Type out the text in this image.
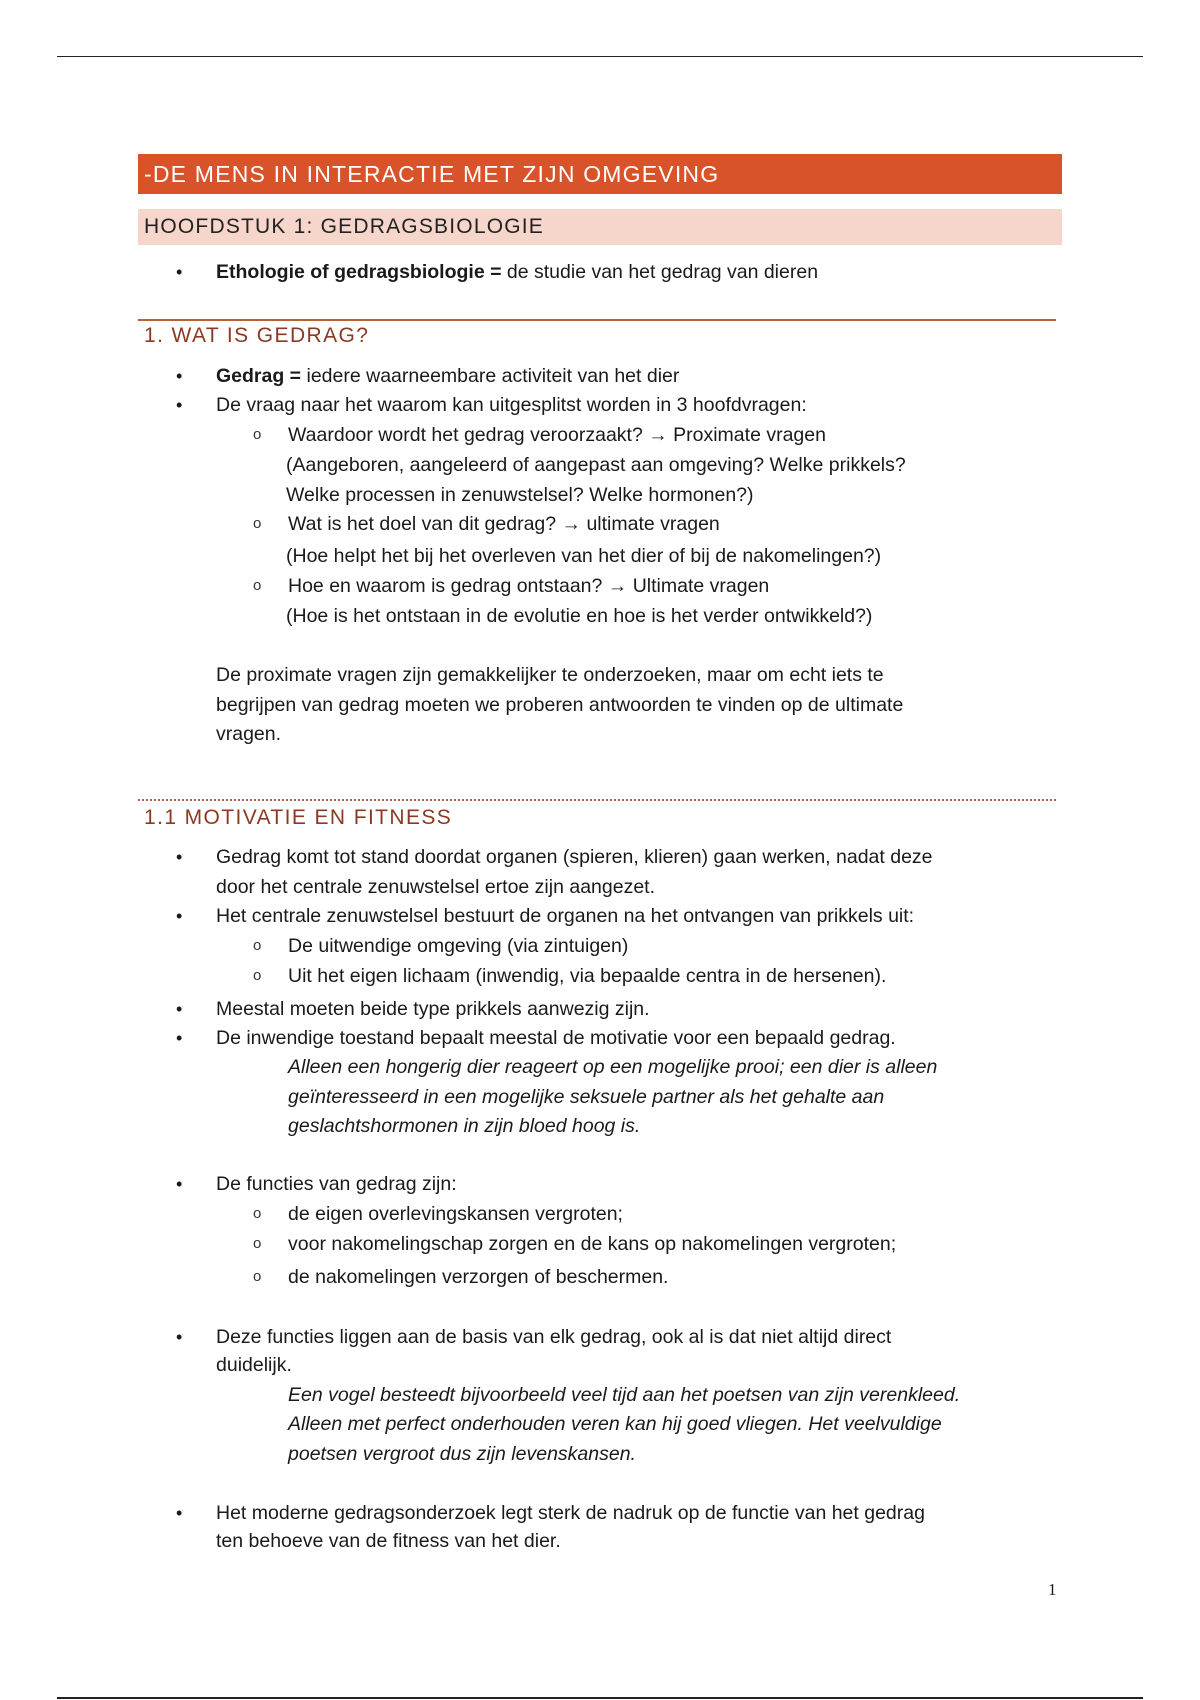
-DE MENS IN INTERACTIE MET ZIJN OMGEVING
HOOFDSTUK 1: GEDRAGSBIOLOGIE
• Ethologie of gedragsbiologie = de studie van het gedrag van dieren
1. WAT IS GEDRAG?
• Gedrag = iedere waarneembare activiteit van het dier
• De vraag naar het waarom kan uitgesplitst worden in 3 hoofdvragen:
o Waardoor wordt het gedrag veroorzaakt? → Proximate vragen
(Aangeboren, aangeleerd of aangepast aan omgeving? Welke prikkels?
Welke processen in zenuwstelsel? Welke hormonen?)
o Wat is het doel van dit gedrag? → ultimate vragen
(Hoe helpt het bij het overleven van het dier of bij de nakomelingen?)
o Hoe en waarom is gedrag ontstaan? → Ultimate vragen
(Hoe is het ontstaan in de evolutie en hoe is het verder ontwikkeld?)
De proximate vragen zijn gemakkelijker te onderzoeken, maar om echt iets te
begrijpen van gedrag moeten we proberen antwoorden te vinden op de ultimate
vragen.
1.1 MOTIVATIE EN FITNESS
• Gedrag komt tot stand doordat organen (spieren, klieren) gaan werken, nadat deze
door het centrale zenuwstelsel ertoe zijn aangezet.
• Het centrale zenuwstelsel bestuurt de organen na het ontvangen van prikkels uit:
o De uitwendige omgeving (via zintuigen)
o Uit het eigen lichaam (inwendig, via bepaalde centra in de hersenen).
• Meestal moeten beide type prikkels aanwezig zijn.
• De inwendige toestand bepaalt meestal de motivatie voor een bepaald gedrag.
Alleen een hongerig dier reageert op een mogelijke prooi; een dier is alleen
geïnteresseerd in een mogelijke seksuele partner als het gehalte aan
geslachtshormonen in zijn bloed hoog is.
• De functies van gedrag zijn:
o de eigen overlevingskansen vergroten;
o voor nakomelingschap zorgen en de kans op nakomelingen vergroten;
o de nakomelingen verzorgen of beschermen.
• Deze functies liggen aan de basis van elk gedrag, ook al is dat niet altijd direct
duidelijk.
Een vogel besteedt bijvoorbeeld veel tijd aan het poetsen van zijn verenkleed.
Alleen met perfect onderhouden veren kan hij goed vliegen. Het veelvuldige
poetsen vergroot dus zijn levenskansen.
• Het moderne gedragsonderzoek legt sterk de nadruk op de functie van het gedrag
ten behoeve van de fitness van het dier.
1
